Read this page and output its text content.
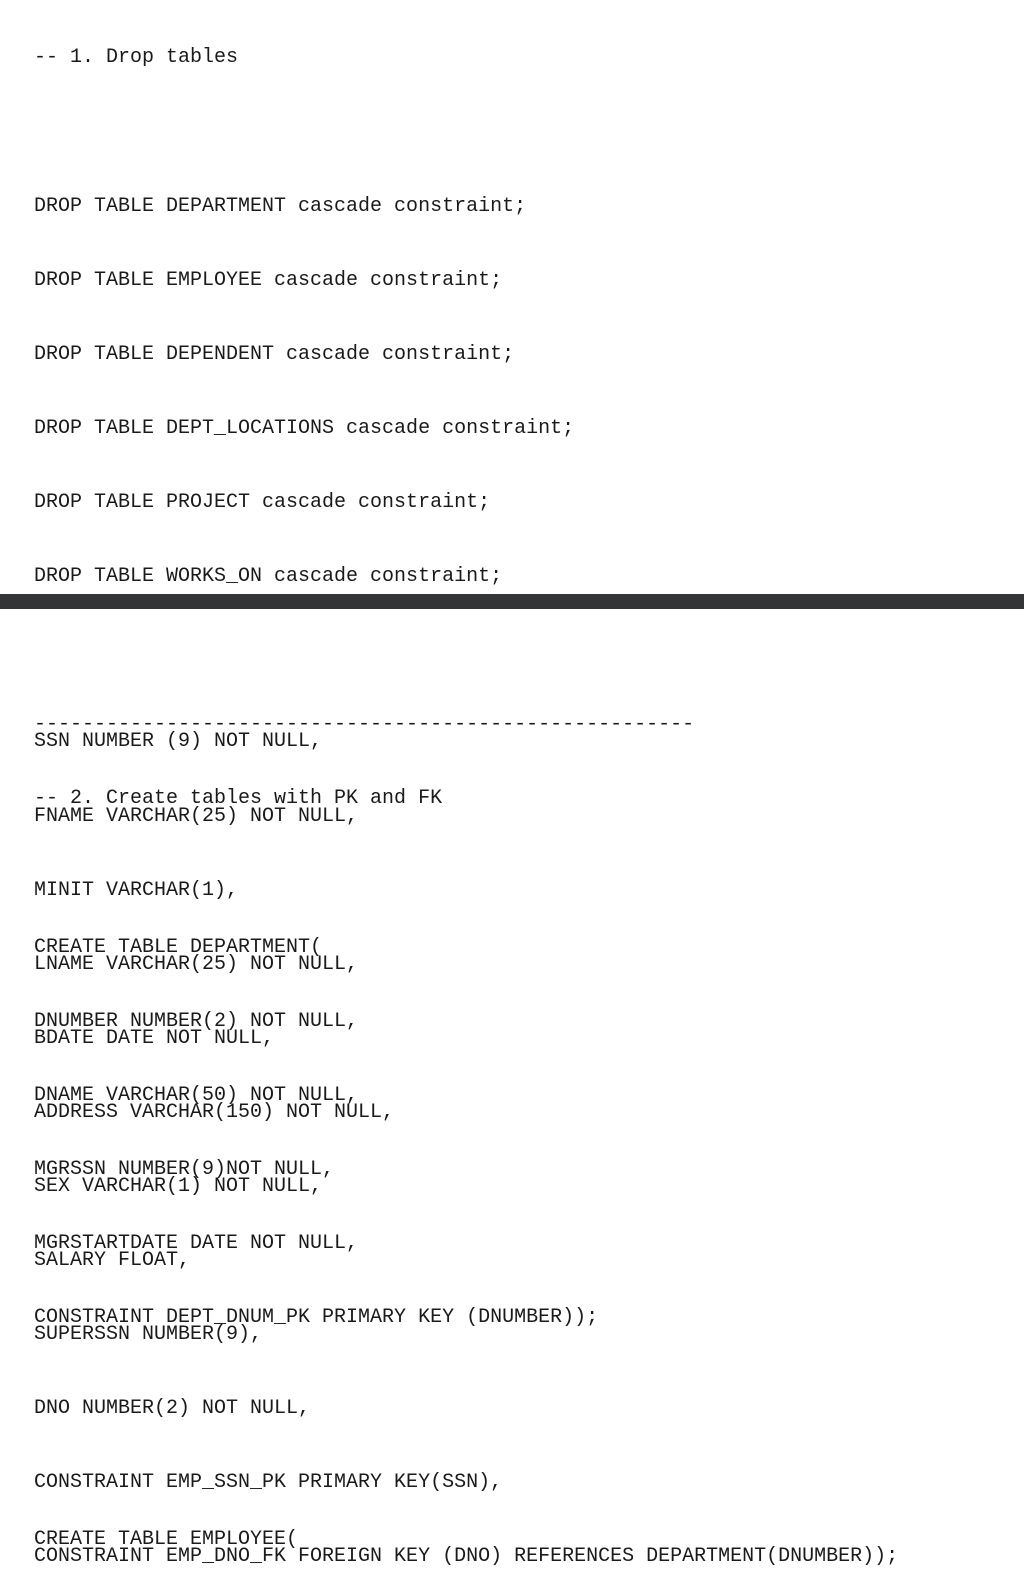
-- 1. Drop tables

DROP TABLE DEPARTMENT cascade constraint;

DROP TABLE EMPLOYEE cascade constraint;

DROP TABLE DEPENDENT cascade constraint;

DROP TABLE DEPT_LOCATIONS cascade constraint;

DROP TABLE PROJECT cascade constraint;

DROP TABLE WORKS_ON cascade constraint;

-------------------------------------------------------

-- 2. Create tables with PK and FK

CREATE TABLE DEPARTMENT(

DNUMBER NUMBER(2) NOT NULL,

DNAME VARCHAR(50) NOT NULL,

MGRSSN NUMBER(9)NOT NULL,

MGRSTARTDATE DATE NOT NULL,

CONSTRAINT DEPT_DNUM_PK PRIMARY KEY (DNUMBER));

CREATE TABLE EMPLOYEE(

SSN NUMBER (9) NOT NULL,

FNAME VARCHAR(25) NOT NULL,

MINIT VARCHAR(1),

LNAME VARCHAR(25) NOT NULL,

BDATE DATE NOT NULL,

ADDRESS VARCHAR(150) NOT NULL,

SEX VARCHAR(1) NOT NULL,

SALARY FLOAT,

SUPERSSN NUMBER(9),

DNO NUMBER(2) NOT NULL,

CONSTRAINT EMP_SSN_PK PRIMARY KEY(SSN),

CONSTRAINT EMP_DNO_FK FOREIGN KEY (DNO) REFERENCES DEPARTMENT(DNUMBER));
